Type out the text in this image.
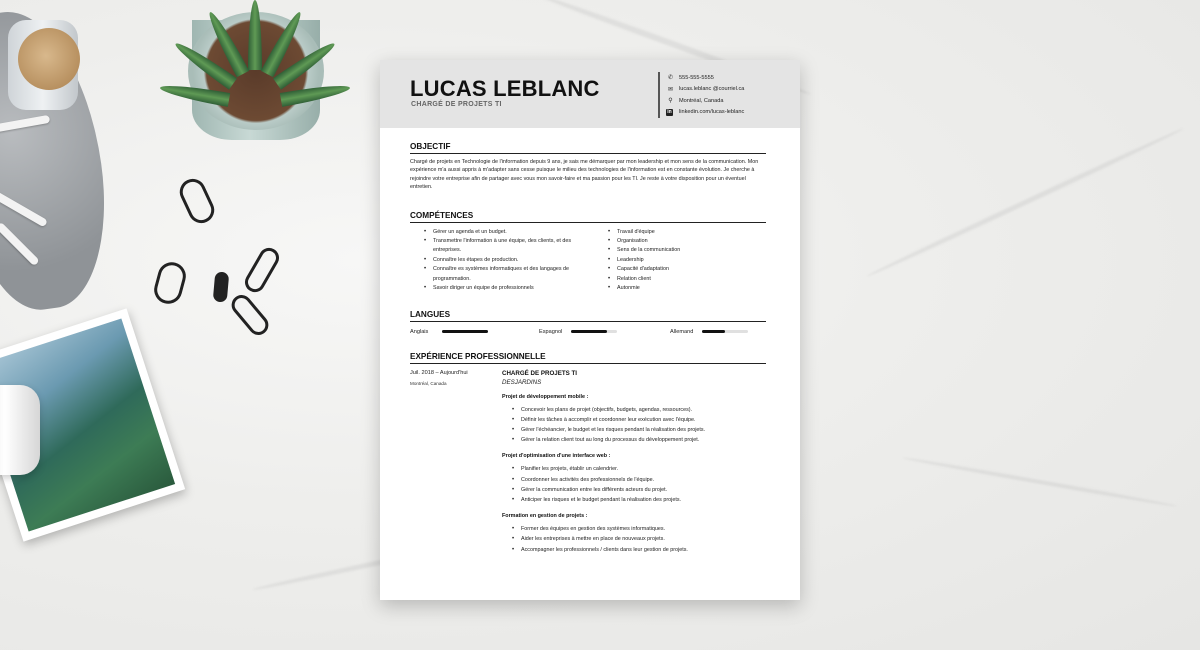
LUCAS LEBLANC
CHARGÉ DE PROJETS TI
✆	555-555-5555
✉	lucas.leblanc @courriel.ca
⚲	Montréal, Canada
in linkedin.com/lucas-leblanc
OBJECTIF
Chargé de projets en Technologie de l'information depuis 9 ans, je sais me démarquer par mon leadership et mon sens de la communication. Mon expérience m'a aussi appris à m'adapter sans cesse puisque le milieu des technologies de l'information est en constante évolution. Je cherche à rejoindre votre entreprise afin de partager avec vous mon savoir-faire et ma passion pour les TI. Je reste à votre disposition pour un éventuel entretien.
COMPÉTENCES
• Gérer un agenda et un budget.
• Transmettre l'information à une équipe, des clients, et des entreprises.
• Connaître les étapes de production.
• Connaître es systèmes informatiques et des langages de programmation.
• Savoir diriger un équipe de professionnels
• Travail d'équipe
• Organisation
• Sens de la communication
• Leadership
• Capacité d'adaptation
• Relation client
• Autonmie
LANGUES
Anglais	Espagnol	Allemand
EXPÉRIENCE PROFESSIONNELLE
Juil. 2018 – Aujourd'hui
Montréal, Canada
CHARGÉ DE PROJETS TI
DESJARDINS
Projet de développement mobile :
• Concevoir les plans de projet (objectifs, budgets, agendas, ressources).
• Définir les tâches à accomplir et coordonner leur exécution avec l'équipe.
• Gérer l'échéancier, le budget et les risques pendant la réalisation des projets.
• Gérer la relation client tout au long du processus du développement projet.
Projet d'optimisation d'une interface web :
• Planifier les projets, établir un calendrier.
• Coordonner les activités des professionnels de l'équipe.
• Gérer la communication entre les différents acteurs du projet.
• Anticiper les risques et le budget pendant la réalisation des projets.
Formation en gestion de projets :
• Former des équipes en gestion des systèmes informatiques.
• Aider les entreprises à mettre en place de nouveaux projets.
• Accompagner les professionnels / clients dans leur gestion de projets.
